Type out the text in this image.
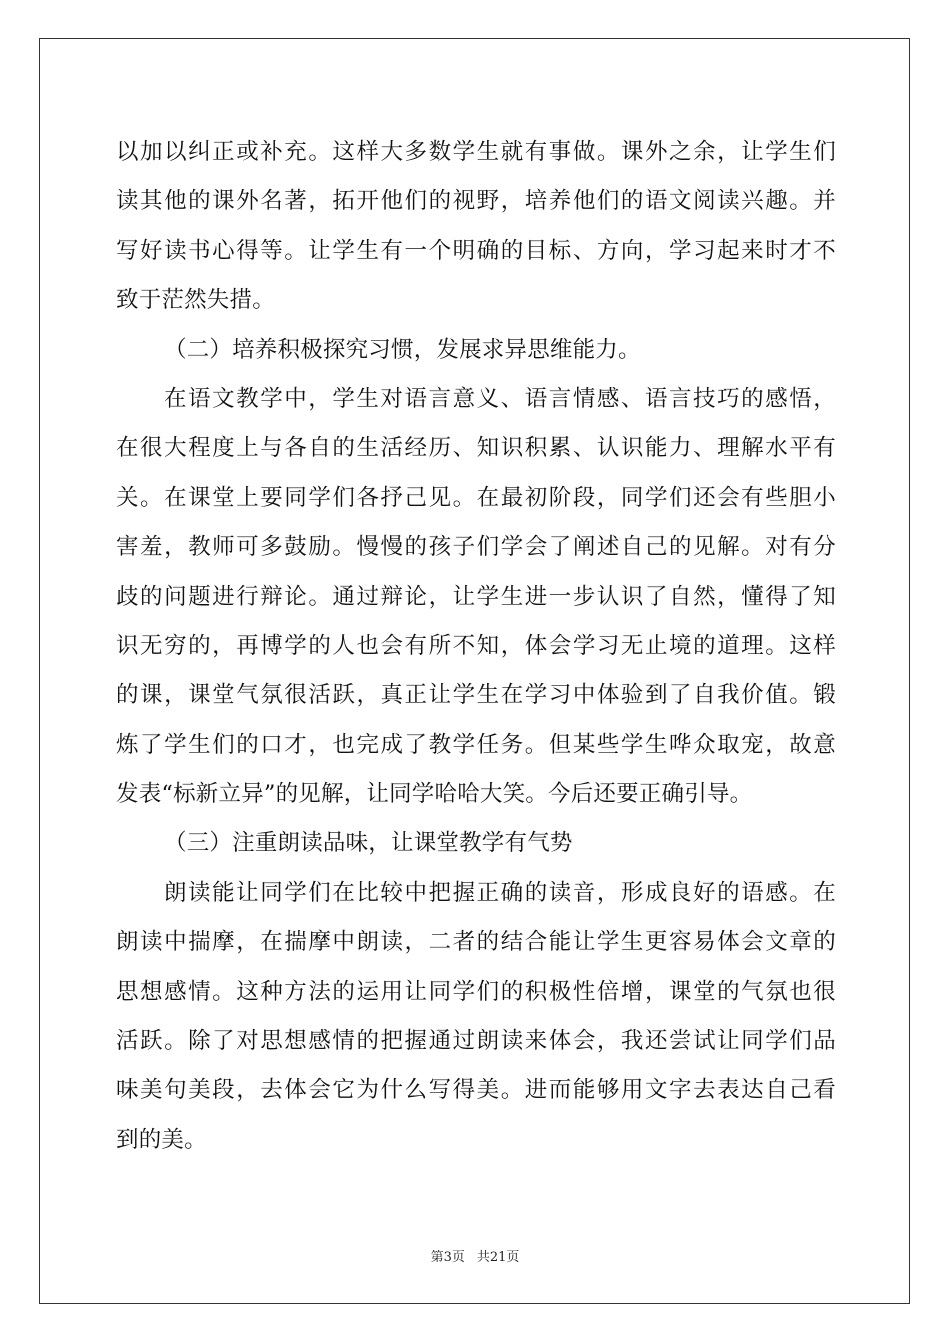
以加以纠正或补充。这样大多数学生就有事做。课外之余，让学生们
读其他的课外名著，拓开他们的视野，培养他们的语文阅读兴趣。并
写好读书心得等。让学生有一个明确的目标、方向，学习起来时才不
致于茫然失措。
（二）培养积极探究习惯，发展求异思维能力。
在语文教学中，学生对语言意义、语言情感、语言技巧的感悟，
在很大程度上与各自的生活经历、知识积累、认识能力、理解水平有
关。在课堂上要同学们各抒己见。在最初阶段，同学们还会有些胆小
害羞，教师可多鼓励。慢慢的孩子们学会了阐述自己的见解。对有分
歧的问题进行辩论。通过辩论，让学生进一步认识了自然，懂得了知
识无穷的，再博学的人也会有所不知，体会学习无止境的道理。这样
的课，课堂气氛很活跃，真正让学生在学习中体验到了自我价值。锻
炼了学生们的口才，也完成了教学任务。但某些学生哗众取宠，故意
发表“标新立异”的见解，让同学哈哈大笑。今后还要正确引导。
（三）注重朗读品味，让课堂教学有气势
朗读能让同学们在比较中把握正确的读音，形成良好的语感。在
朗读中揣摩，在揣摩中朗读，二者的结合能让学生更容易体会文章的
思想感情。这种方法的运用让同学们的积极性倍增，课堂的气氛也很
活跃。除了对思想感情的把握通过朗读来体会，我还尝试让同学们品
味美句美段，去体会它为什么写得美。进而能够用文字去表达自己看
到的美。
第3页 共21页
